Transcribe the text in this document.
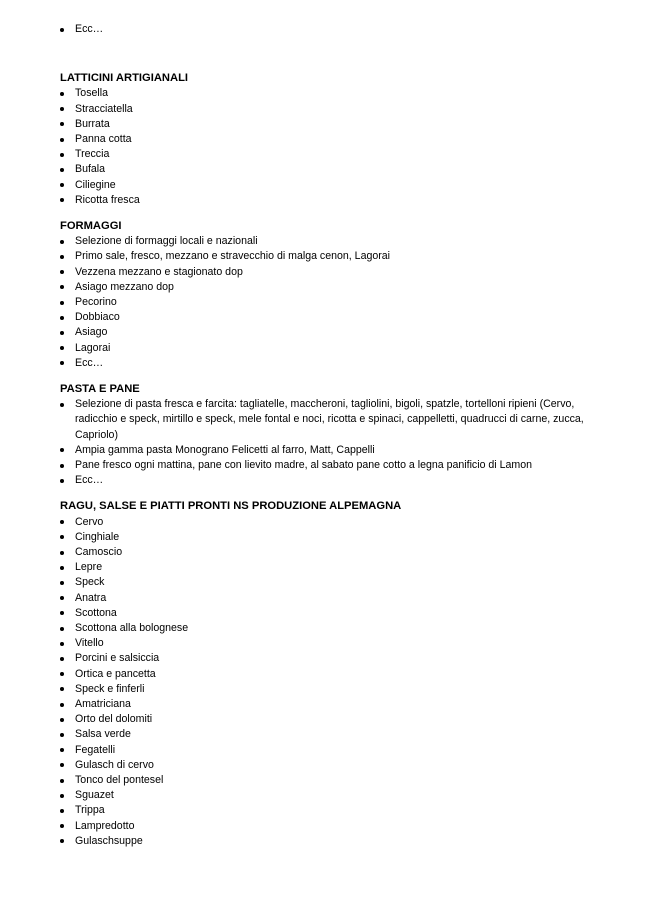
Ecc…
LATTICINI ARTIGIANALI
Tosella
Stracciatella
Burrata
Panna cotta
Treccia
Bufala
Ciliegine
Ricotta fresca
FORMAGGI
Selezione di formaggi locali e nazionali
Primo sale, fresco, mezzano e stravecchio di malga cenon, Lagorai
Vezzena mezzano e stagionato dop
Asiago mezzano dop
Pecorino
Dobbiaco
Asiago
Lagorai
Ecc…
PASTA E PANE
Selezione di pasta fresca e farcita: tagliatelle, maccheroni, tagliolini, bigoli, spatzle, tortelloni ripieni (Cervo, radicchio e speck, mirtillo e speck, mele fontal e noci, ricotta e spinaci, cappelletti, quadrucci di carne, zucca, Capriolo)
Ampia gamma pasta Monograno Felicetti al farro, Matt, Cappelli
Pane fresco ogni mattina, pane con lievito madre, al sabato pane cotto a legna panificio di Lamon
Ecc…
RAGU, SALSE E PIATTI PRONTI NS PRODUZIONE ALPEMAGNA
Cervo
Cinghiale
Camoscio
Lepre
Speck
Anatra
Scottona
Scottona alla bolognese
Vitello
Porcini e salsiccia
Ortica e pancetta
Speck e finferli
Amatriciana
Orto del dolomiti
Salsa verde
Fegatelli
Gulasch di cervo
Tonco del pontesel
Sguazet
Trippa
Lampredotto
Gulaschsuppe
